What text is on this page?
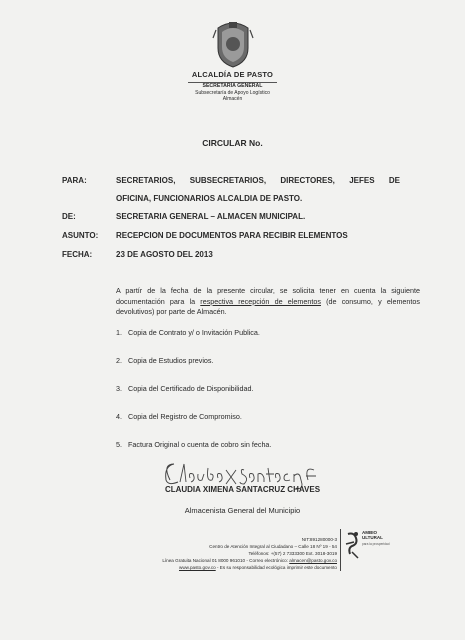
ALCALDÍA DE PASTO
SECRETARÍA GENERAL
Subsecretaría de Apoyo Logístico
Almacén
CIRCULAR No.
PARA:	SECRETARIOS, SUBSECRETARIOS, DIRECTORES, JEFES DE
OFICINA, FUNCIONARIOS ALCALDIA DE PASTO.
DE:	SECRETARIA GENERAL – ALMACEN MUNICIPAL.
ASUNTO: RECEPCION DE DOCUMENTOS PARA RECIBIR ELEMENTOS
FECHA:	23 DE AGOSTO DEL 2013
A partír de la fecha de la presente circular, se solicita tener en cuenta la siguiente documentación para la respectiva recepción de elementos (de consumo, y elementos devolutivos) por parte de Almacén.
1. Copia de Contrato y/ o Invitación Publica.
2. Copia de Estudios previos.
3. Copia del Certificado de Disponibilidad.
4. Copia del Registro de Compromiso.
5. Factura Original o cuenta de cobro sin fecha.
CLAUDIA XIMENA SANTACRUZ CHAVES
Almacenista General del Municipio
NIT:891280000-3
Centro de Atención Integral al Ciudadano – Calle 18 Nº 19 - 54
Teléfonos: +(57) 2 7333300 Ext. 3018-3019
Línea Gratuita Nacional 01 8000 961010 - Correo electrónico: almacen@pasto.gov.co
www.pasto.gov.co - Es su responsabilidad ecológica imprimir este documento
AMBIO
ULTURAL
para la prosperidad
